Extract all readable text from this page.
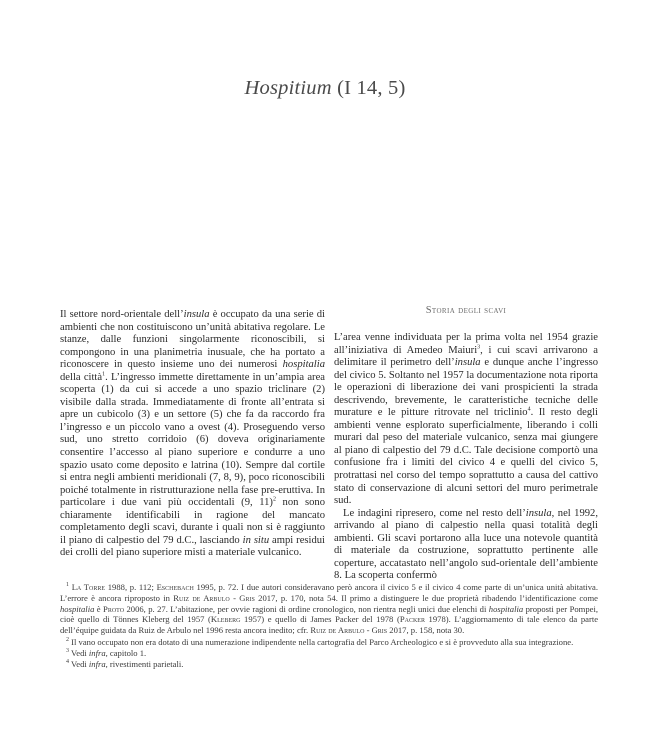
Hospitium (I 14, 5)

Il settore nord-orientale dell’insula è occupato da una serie di ambienti che non costituiscono un’unità abitativa regolare. Le stanze, dalle funzioni singolarmente riconoscibili, si compongono in una planimetria inusuale, che ha portato a riconoscere in questo insieme uno dei numerosi hospitalia della città$^1$. L’ingresso immette direttamente in un’ampia area scoperta (1) da cui si accede a uno spazio triclinare (2) visibile dalla strada. Immediatamente di fronte all’entrata si apre un cubicolo (3) e un settore (5) che fa da raccordo fra l’ingresso e un piccolo vano a ovest (4). Proseguendo verso sud, uno stretto corridoio (6) doveva originariamente consentire l’accesso al piano superiore e condurre a uno spazio usato come deposito e latrina (10). Sempre dal cortile si entra negli ambienti meridionali (7, 8, 9), poco riconoscibili poiché totalmente in ristrutturazione nella fase pre-eruttiva. In particolare i due vani più occidentali (9, 11)$^2$ non sono chiaramente identificabili in ragione del mancato completamento degli scavi, durante i quali non si è raggiunto il piano di calpestio del 79 d.C., lasciando in situ ampi residui dei crolli del piano superiore misti a materiale vulcanico.

Storia degli scavi

L’area venne individuata per la prima volta nel 1954 grazie all’iniziativa di Amedeo Maiuri$^3$, i cui scavi arrivarono a delimitare il perimetro dell’insula e dunque anche l’ingresso del civico 5. Soltanto nel 1957 la documentazione nota riporta le operazioni di liberazione dei vani prospicienti la strada descrivendo, brevemente, le caratteristiche tecniche delle murature e le pitture ritrovate nel triclinio$^4$. Il resto degli ambienti venne esplorato superficialmente, liberando i colli murari dal peso del materiale vulcanico, senza mai giungere al piano di calpestio del 79 d.C. Tale decisione comportò una confusione fra i limiti del civico 4 e quelli del civico 5, protrattasi nel corso del tempo soprattutto a causa del cattivo stato di conservazione di alcuni settori del muro perimetrale sud.

Le indagini ripresero, come nel resto dell’insula, nel 1992, arrivando al piano di calpestio nella quasi totalità degli ambienti. Gli scavi portarono alla luce una notevole quantità di materiale da costruzione, soprattutto pertinente alle coperture, accatastato nell’angolo sud-orientale dell’ambiente 8. La scoperta confermò

$^1$ La Torre 1988, p. 112; Eschebach 1995, p. 72. I due autori consideravano però ancora il civico 5 e il civico 4 come parte di un’unica unità abitativa. L’errore è ancora riproposto in Ruiz de Arbulo - Gris 2017, p. 170, nota 54. Il primo a distinguere le due proprietà ribadendo l’identificazione come hospitalia è Proto 2006, p. 27. L’abitazione, per ovvie ragioni di ordine cronologico, non rientra negli unici due elenchi di hospitalia proposti per Pompei, cioè quello di Tönnes Kleberg del 1957 (Kleberg 1957) e quello di James Packer del 1978 (Packer 1978). L’aggiornamento di tale elenco da parte dell’équipe guidata da Ruiz de Arbulo nel 1996 resta ancora inedito; cfr. Ruiz de Arbulo - Gris 2017, p. 158, nota 30.

$^2$ Il vano occupato non era dotato di una numerazione indipendente nella cartografia del Parco Archeologico e si è provveduto alla sua integrazione.

$^3$ Vedi infra, capitolo 1.

$^4$ Vedi infra, rivestimenti parietali.
